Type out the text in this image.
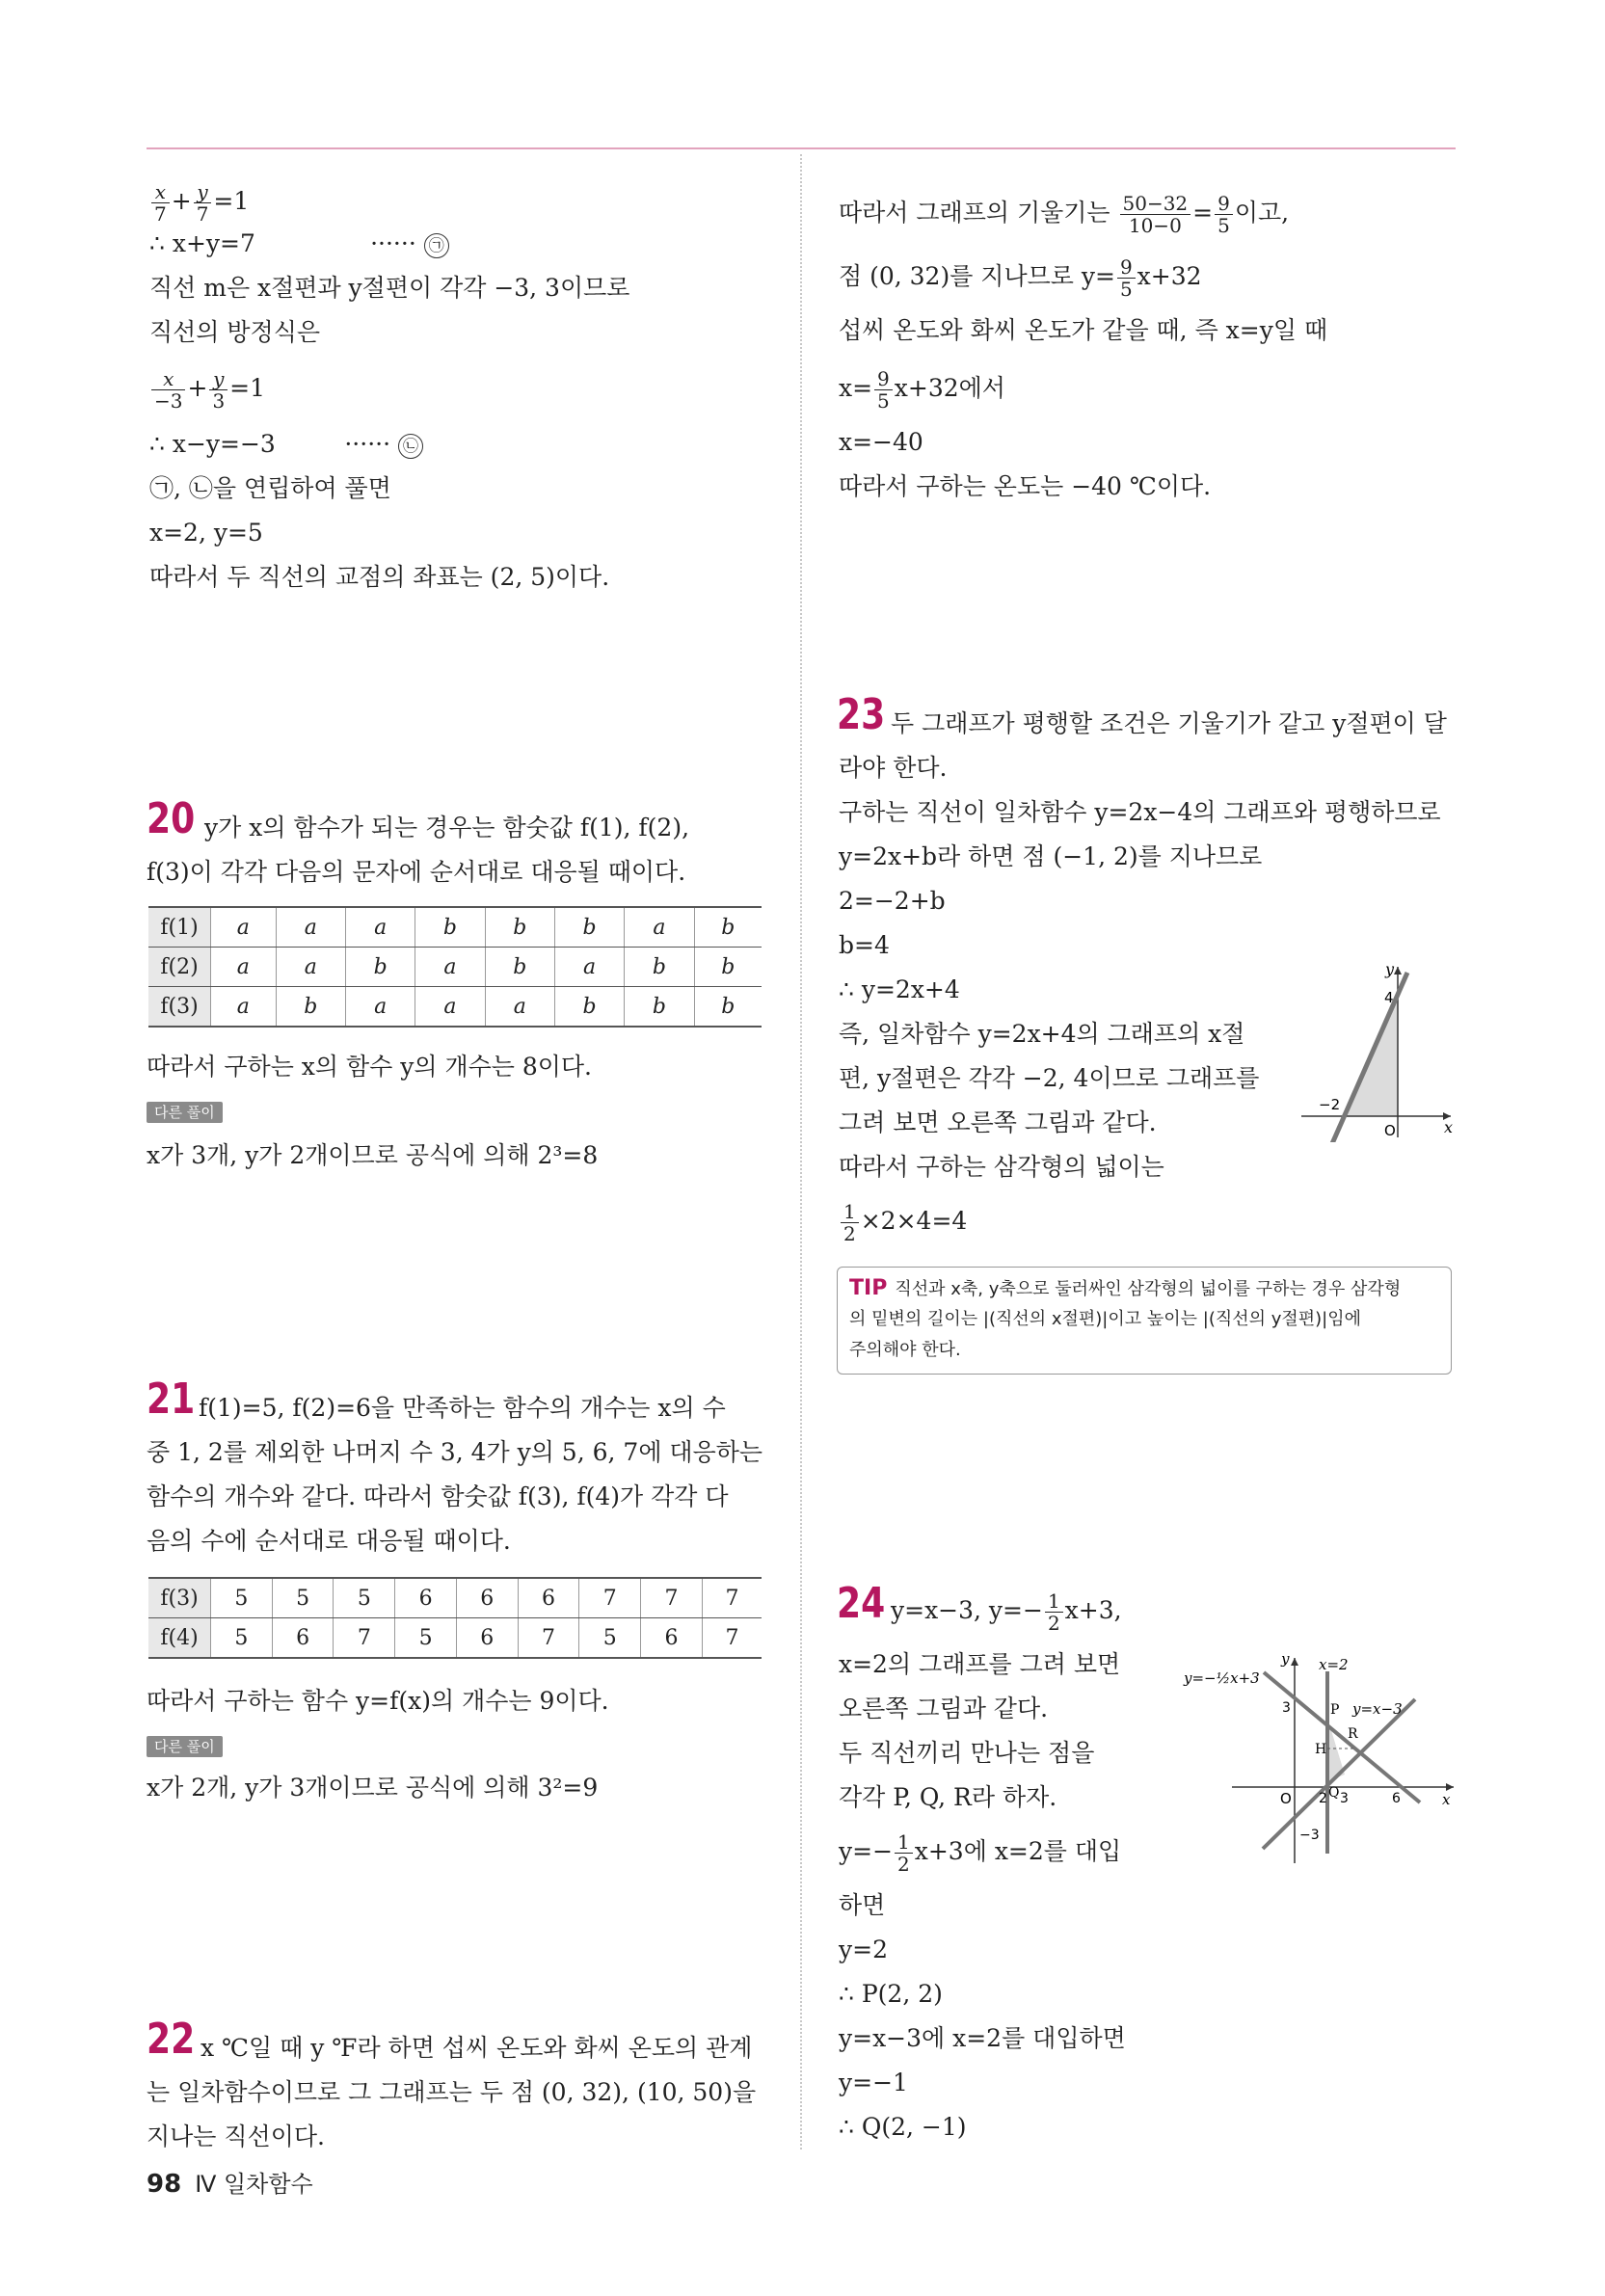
$\frac{x}{7} + \frac{y}{7} =1$
∴ x+y=7               ······ ㉠
직선 m은 x절편과 y절편이 각각 −3, 3이므로
직선의 방정식은
$\frac{x}{-3} + \frac{y}{3} =1$
∴ x−y=−3         ······ ㉡
㉠, ㉡을 연립하여 풀면
x=2, y=5
따라서 두 직선의 교점의 좌표는 (2, 5)이다.
20 y가 x의 함수가 되는 경우는 함숫값 f(1), f(2),
f(3)이 각각 다음의 문자에 순서대로 대응될 때이다.
f(1)	a	a	a	b	b	b	a	b
f(2)	a	a	b	a	b	a	b	b
f(3)	a	b	a	a	a	b	b	b
따라서 구하는 x의 함수 y의 개수는 8이다.
다른 풀이
x가 3개, y가 2개이므로 공식에 의해 2³=8
21 f(1)=5, f(2)=6을 만족하는 함수의 개수는 x의 수
중 1, 2를 제외한 나머지 수 3, 4가 y의 5, 6, 7에 대응하는
함수의 개수와 같다. 따라서 함숫값 f(3), f(4)가 각각 다
음의 수에 순서대로 대응될 때이다.
f(3)	5	5	5	6	6	6	7	7	7
f(4)	5	6	7	5	6	7	5	6	7
따라서 구하는 함수 y=f(x)의 개수는 9이다.
다른 풀이
x가 2개, y가 3개이므로 공식에 의해 3²=9
22 x ℃일 때 y ℉라 하면 섭씨 온도와 화씨 온도의 관계
는 일차함수이므로 그 그래프는 두 점 (0, 32), (10, 50)을
지나는 직선이다.
따라서 그래프의 기울기는 $\frac{50-32}{10-0} = \frac{9}{5}$ 이고,
점 (0, 32)를 지나므로 $y= \frac{9}{5} x+32$
섭씨 온도와 화씨 온도가 같을 때, 즉 x=y일 때
$x= \frac{9}{5} x+32$에서
x=−40
따라서 구하는 온도는 −40 ℃이다.
23 두 그래프가 평행할 조건은 기울기가 같고 y절편이 달
라야 한다.
구하는 직선이 일차함수 y=2x−4의 그래프와 평행하므로
y=2x+b라 하면 점 (−1, 2)를 지나므로
2=−2+b
b=4
∴ y=2x+4
즉, 일차함수 y=2x+4의 그래프의 x절
편, y절편은 각각 −2, 4이므로 그래프를
그려 보면 오른쪽 그림과 같다.
따라서 구하는 삼각형의 넓이는
$\frac{1}{2} \times 2\times 4=4$
y
x
4
−2
O
TIP 직선과 x축, y축으로 둘러싸인 삼각형의 넓이를 구하는 경우 삼각형
의 밑변의 길이는 |(직선의 x절편)|이고 높이는 |(직선의 y절편)|임에
주의해야 한다.
24 y=x−3, $y=- \frac{1}{2} x+3$,
x=2의 그래프를 그려 보면
오른쪽 그림과 같다.
두 직선끼리 만나는 점을
각각 P, Q, R라 하자.
$y=- \frac{1}{2} x+3$에 x=2를 대입
하면
y=2
∴ P(2, 2)
y=x−3에 x=2를 대입하면
y=−1
∴ Q(2, −1)
y=−½x+3
x=2
y=x−3
y
x
3
−3
2 3	6
O
P
Q
R
H
98 Ⅳ 일차함수
